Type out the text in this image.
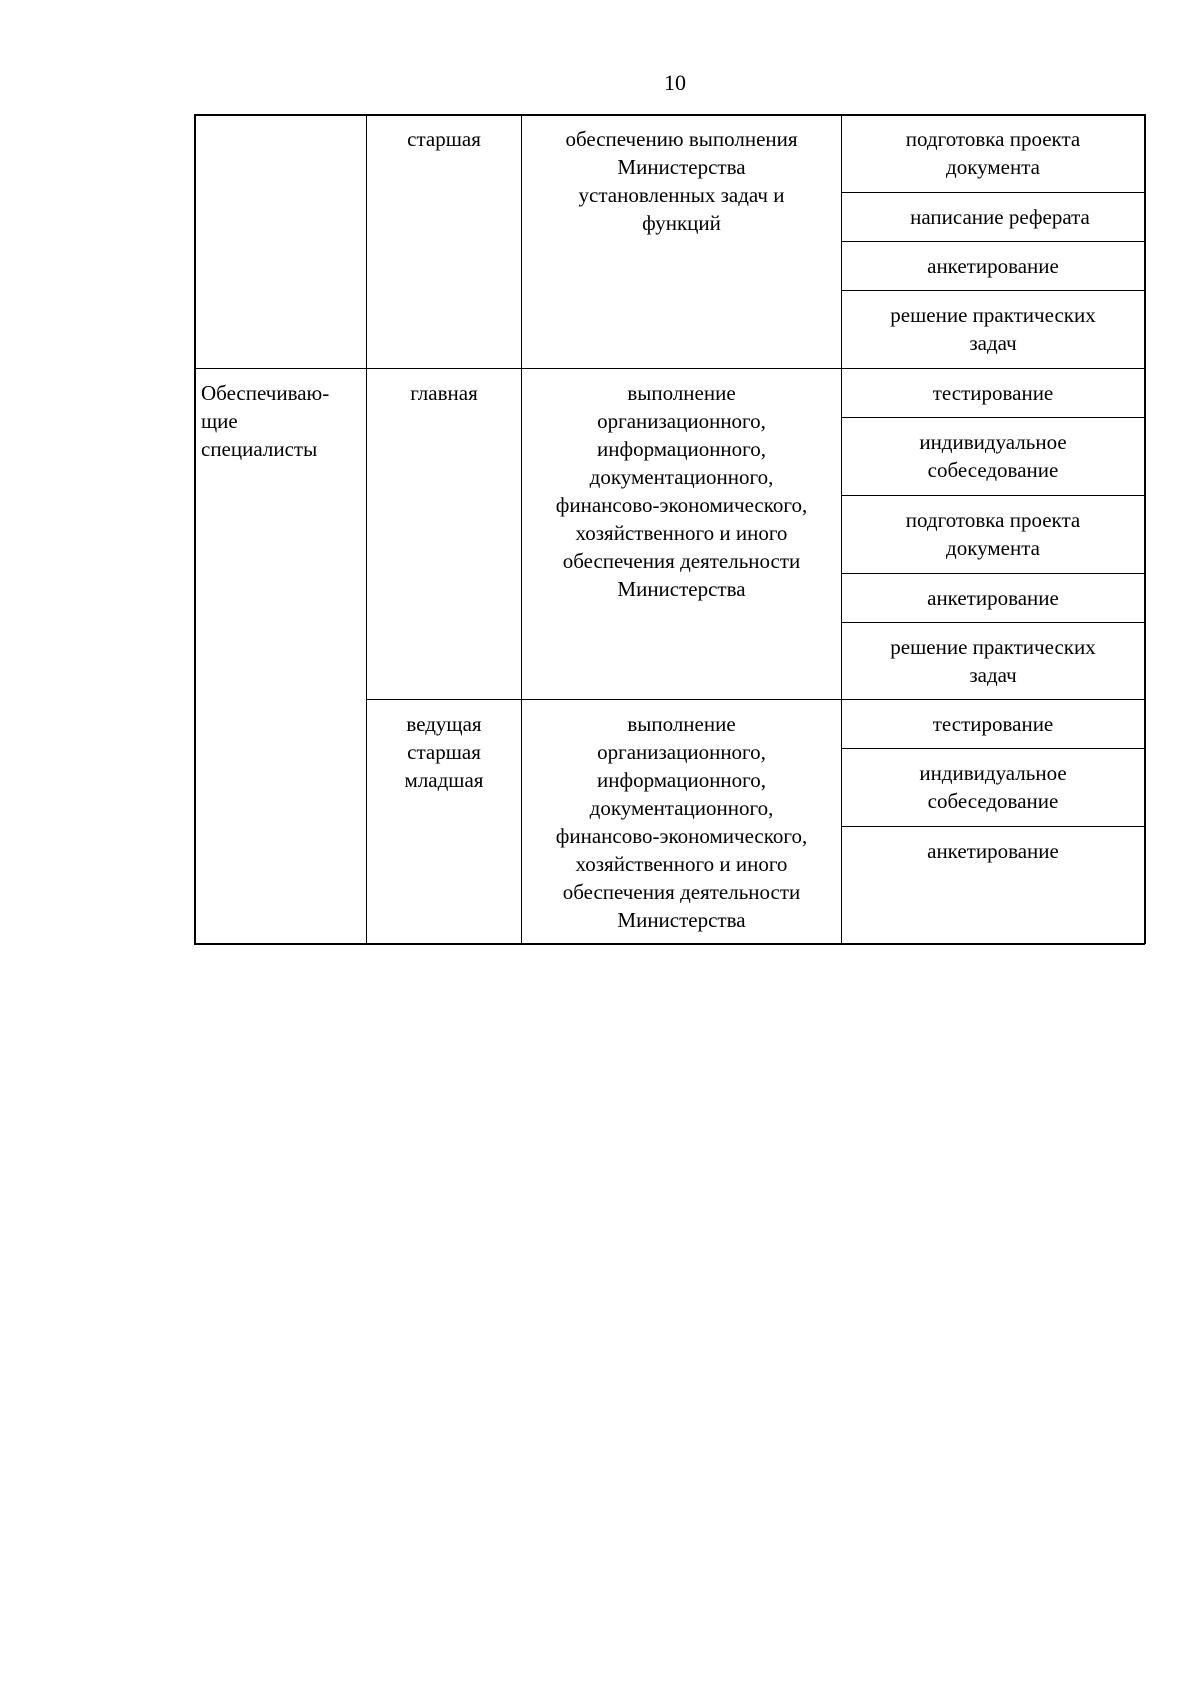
10
старшая	обеспечению выполнения
Министерства
установленных задач и
функций
подготовка проекта
документа
написание реферата
анкетирование
решение практических
задач
Обеспечиваю-
щие
специалисты
главная	выполнение
организационного,
информационного,
документационного,
финансово-экономического,
хозяйственного и иного
обеспечения деятельности
Министерства
тестирование
индивидуальное
собеседование
подготовка проекта
документа
анкетирование
решение практических
задач
ведущая
старшая
младшая
выполнение
организационного,
информационного,
документационного,
финансово-экономического,
хозяйственного и иного
обеспечения деятельности
Министерства
тестирование
индивидуальное
собеседование
анкетирование
